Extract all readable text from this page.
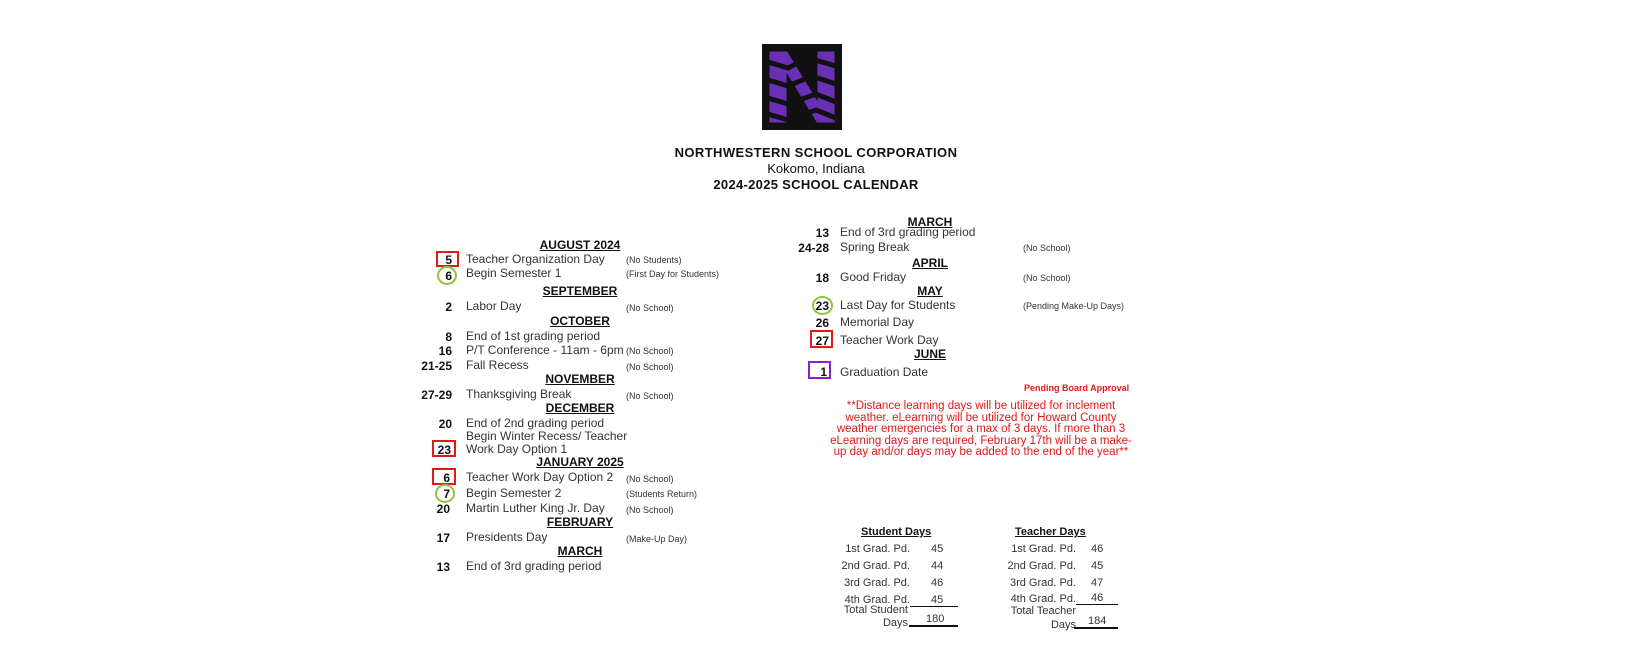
NORTHWESTERN SCHOOL CORPORATION
Kokomo, Indiana
2024-2025 SCHOOL CALENDAR
AUGUST 2024
5 Teacher Organization Day (No Students)
6 Begin Semester 1	(First Day for Students)
SEPTEMBER
2 Labor Day	(No School)
OCTOBER
8 End of 1st grading period
16 P/T Conference - 11am - 6pm (No School)
21-25 Fall Recess	(No School)
NOVEMBER
27-29 Thanksgiving Break	(No School)
DECEMBER
20 End of 2nd grading period
Begin Winter Recess/ Teacher
23 Work Day Option 1
JANUARY 2025
6 Teacher Work Day Option 2 (No School)
7 Begin Semester 2	(Students Return)
20 Martin Luther King Jr. Day (No School)
FEBRUARY
17 Presidents Day	(Make-Up Day)
MARCH
13 End of 3rd grading period
MARCH
13 End of 3rd grading period
24-28 Spring Break	(No School)
APRIL
18 Good Friday	(No School)
MAY
23 Last Day for Students	(Pending Make-Up Days)
26 Memorial Day
27 Teacher Work Day
JUNE
1 Graduation Date
Pending Board Approval
**Distance learning days will be utilized for inclement weather. eLearning will be utilized for Howard County weather emergencies for a max of 3 days. If more than 3 eLearning days are required, February 17th will be a make-up day and/or days may be added to the end of the year**
Student Days
1st Grad. Pd. 45
2nd Grad. Pd. 44
3rd Grad. Pd. 46
4th Grad. Pd.	45
Total Student
Days	180
Teacher Days
1st Grad. Pd. 46
2nd Grad. Pd. 45
3rd Grad. Pd. 47
4th Grad. Pd.	46
Total Teacher
Days	184
